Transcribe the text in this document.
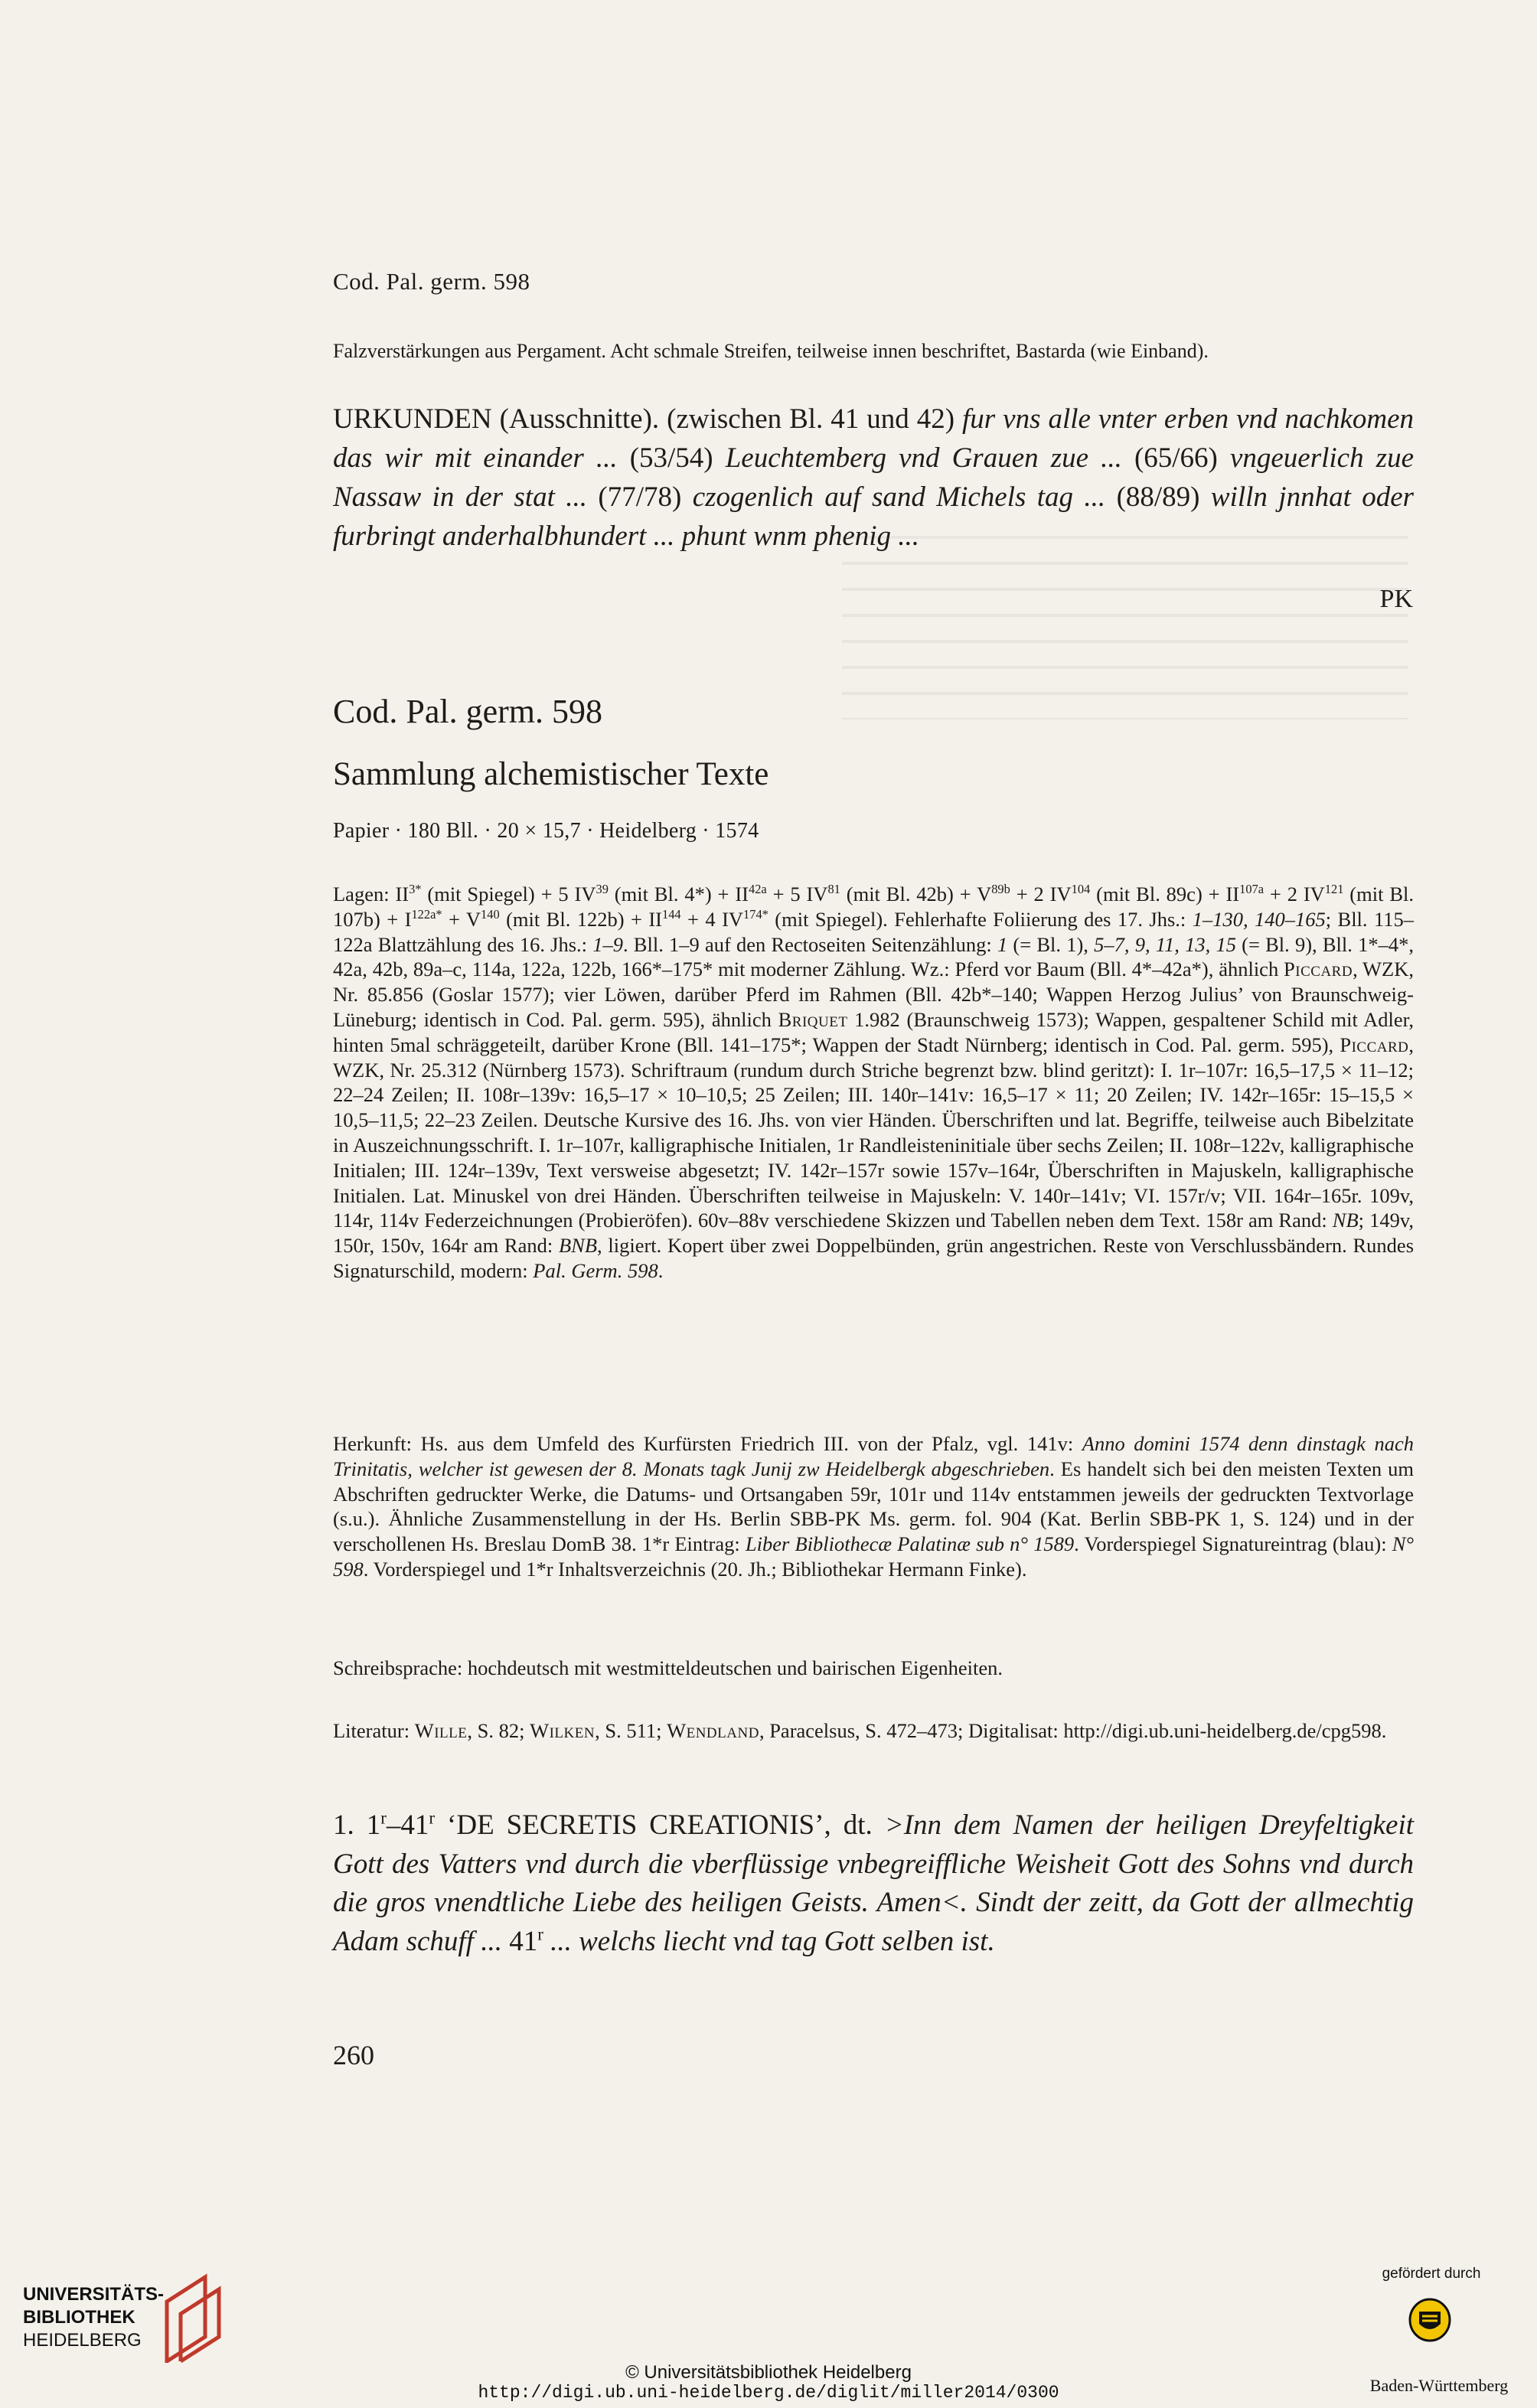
Cod. Pal. germ. 598

Falzverstärkungen aus Pergament. Acht schmale Streifen, teilweise innen beschriftet, Bastarda (wie Einband).

URKUNDEN (Ausschnitte). (zwischen Bl. 41 und 42) fur vns alle vnter erben vnd nachkomen das wir mit einander ... (53/54) Leuchtemberg vnd Grauen zue ... (65/66) vngeuerlich zue Nassaw in der stat ... (77/78) czogenlich auf sand Michels tag ... (88/89) willn jnnhat oder furbringt anderhalbhundert ... phunt wnm phenig ...

PK

Cod. Pal. germ. 598

Sammlung alchemistischer Texte

Papier · 180 Bll. · 20 × 15,7 · Heidelberg · 1574

Lagen: $II^{3*}$ (mit Spiegel) + 5 IV$^{39}$ (mit Bl. $4*) + II^{42a} + 5$ IV$^{81}$ (mit Bl. $42b) + V^{89b} + 2$ IV$^{104}$ (mit Bl. $89c) + II^{107a} + 2$ IV$^{121}$ (mit Bl. $107b) + I^{122a*} + V^{140}$ (mit Bl. $122b) + II^{144} + 4$ $IV^{174*}$ (mit Spiegel). Fehlerhafte Foliierung des 17. Jhs.: 1–130, 140–165; Bll. 115–122a Blattzählung des 16. Jhs.: 1–9. Bll. 1–9 auf den Rectoseiten Seitenzählung: 1 (= Bl. 1), 5–7, 9, 11, 13, 15 (= Bl. 9), Bll. 1*–4*, 42a, 42b, 89a–c, 114a, 122a, 122b, 166*–175* mit moderner Zählung. Wz.: Pferd vor Baum (Bll. 4*–42a*), ähnlich Piccard, WZK, Nr. 85.856 (Goslar 1577); vier Löwen, darüber Pferd im Rahmen (Bll. 42b*–140; Wappen Herzog Julius’ von Braunschweig-Lüneburg; identisch in Cod. Pal. germ. 595), ähnlich Briquet 1.982 (Braunschweig 1573); Wappen, gespaltener Schild mit Adler, hinten 5mal schräggeteilt, darüber Krone (Bll. 141–175*; Wappen der Stadt Nürnberg; identisch in Cod. Pal. germ. 595), Piccard, WZK, Nr. 25.312 (Nürnberg 1573). Schriftraum (rundum durch Striche begrenzt bzw. blind geritzt): I. 1r–107r: 16,5–17,5 × 11–12; 22–24 Zeilen; II. 108r–139v: 16,5–17 × 10–10,5; 25 Zeilen; III. 140r–141v: 16,5–17 × 11; 20 Zeilen; IV. 142r–165r: 15–15,5 × 10,5–11,5; 22–23 Zeilen. Deutsche Kursive des 16. Jhs. von vier Händen. Überschriften und lat. Begriffe, teilweise auch Bibelzitate in Auszeichnungsschrift. I. 1r–107r, kalligraphische Initialen, 1r Randleisteninitiale über sechs Zeilen; II. 108r–122v, kalligraphische Initialen; III. 124r–139v, Text versweise abgesetzt; IV. 142r–157r sowie 157v–164r, Überschriften in Majuskeln, kalligraphische Initialen. Lat. Minuskel von drei Händen. Überschriften teilweise in Majuskeln: V. 140r–141v; VI. 157r/v; VII. 164r–165r. 109v, 114r, 114v Federzeichnungen (Probieröfen). 60v–88v verschiedene Skizzen und Tabellen neben dem Text. 158r am Rand: NB; 149v, 150r, 150v, 164r am Rand: BNB, ligiert. Kopert über zwei Doppelbünden, grün angestrichen. Reste von Verschlussbändern. Rundes Signaturschild, modern: Pal. Germ. 598.

Herkunft: Hs. aus dem Umfeld des Kurfürsten Friedrich III. von der Pfalz, vgl. 141v: Anno domini 1574 denn dinstagk nach Trinitatis, welcher ist gewesen der 8. Monats tagk Junij zw Heidelbergk abgeschrieben. Es handelt sich bei den meisten Texten um Abschriften gedruckter Werke, die Datums- und Ortsangaben 59r, 101r und 114v entstammen jeweils der gedruckten Textvorlage (s.u.). Ähnliche Zusammenstellung in der Hs. Berlin SBB-PK Ms. germ. fol. 904 (Kat. Berlin SBB-PK 1, S. 124) und in der verschollenen Hs. Breslau DomB 38. 1*r Eintrag: Liber Bibliothecæ Palatinæ sub n° 1589. Vorderspiegel Signatureintrag (blau): N° 598. Vorderspiegel und 1*r Inhaltsverzeichnis (20. Jh.; Bibliothekar Hermann Finke).

Schreibsprache: hochdeutsch mit westmitteldeutschen und bairischen Eigenheiten.

Literatur: Wille, S. 82; Wilken, S. 511; Wendland, Paracelsus, S. 472–473; Digitalisat: http://digi.ub.uni-heidelberg.de/cpg598.

1. 1$^r$–41$^r$ ‘DE SECRETIS CREATIONIS’, dt. >Inn dem Namen der heiligen Dreyfeltigkeit Gott des Vatters vnd durch die vberflüssige vnbegreiffliche Weisheit Gott des Sohns vnd durch die gros vnendtliche Liebe des heiligen Geists. Amen<. Sindt der zeitt, da Gott der allmechtig Adam schuff ... 41$^r$ ... welchs liecht vnd tag Gott selben ist.

260
UNIVERSITÄTS-
BIBLIOTHEK
HEIDELBERG
© Universitätsbibliothek Heidelberg
http://digi.ub.uni-heidelberg.de/diglit/miller2014/0300
gefördert durch
Baden-Württemberg
